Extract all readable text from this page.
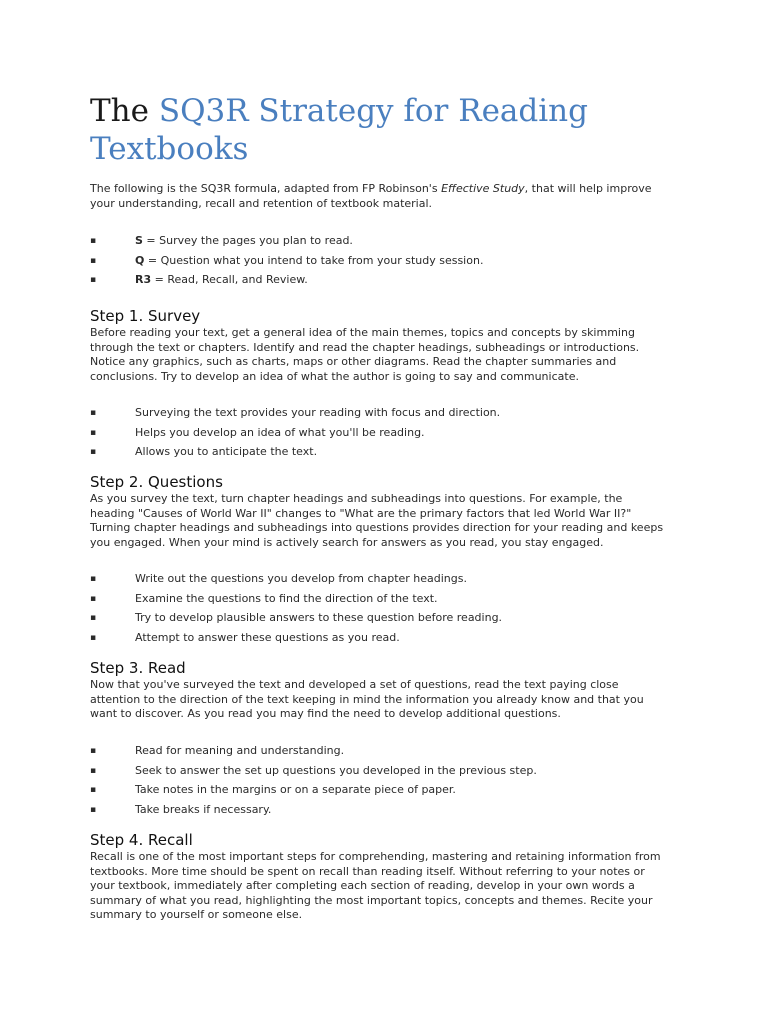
The SQ3R Strategy for Reading Textbooks

The following is the SQ3R formula, adapted from FP Robinson's Effective Study, that will help improve your understanding, recall and retention of textbook material.

▪	S = Survey the pages you plan to read.
▪	Q = Question what you intend to take from your study session.
▪	R3 = Read, Recall, and Review.
Step 1. Survey

Before reading your text, get a general idea of the main themes, topics and concepts by skimming through the text or chapters. Identify and read the chapter headings, subheadings or introductions. Notice any graphics, such as charts, maps or other diagrams. Read the chapter summaries and conclusions. Try to develop an idea of what the author is going to say and communicate.

▪	Surveying the text provides your reading with focus and direction.
▪	Helps you develop an idea of what you'll be reading.
▪	Allows you to anticipate the text.
Step 2. Questions

As you survey the text, turn chapter headings and subheadings into questions. For example, the heading "Causes of World War II" changes to "What are the primary factors that led World War II?" Turning chapter headings and subheadings into questions provides direction for your reading and keeps you engaged. When your mind is actively search for answers as you read, you stay engaged.

▪	Write out the questions you develop from chapter headings.
▪	Examine the questions to find the direction of the text.
▪	Try to develop plausible answers to these question before reading.
▪	Attempt to answer these questions as you read.
Step 3. Read

Now that you've surveyed the text and developed a set of questions, read the text paying close attention to the direction of the text keeping in mind the information you already know and that you want to discover. As you read you may find the need to develop additional questions.

▪	Read for meaning and understanding.
▪	Seek to answer the set up questions you developed in the previous step.
▪	Take notes in the margins or on a separate piece of paper.
▪	Take breaks if necessary.
Step 4. Recall

Recall is one of the most important steps for comprehending, mastering and retaining information from textbooks. More time should be spent on recall than reading itself. Without referring to your notes or your textbook, immediately after completing each section of reading, develop in your own words a summary of what you read, highlighting the most important topics, concepts and themes. Recite your summary to yourself or someone else.
